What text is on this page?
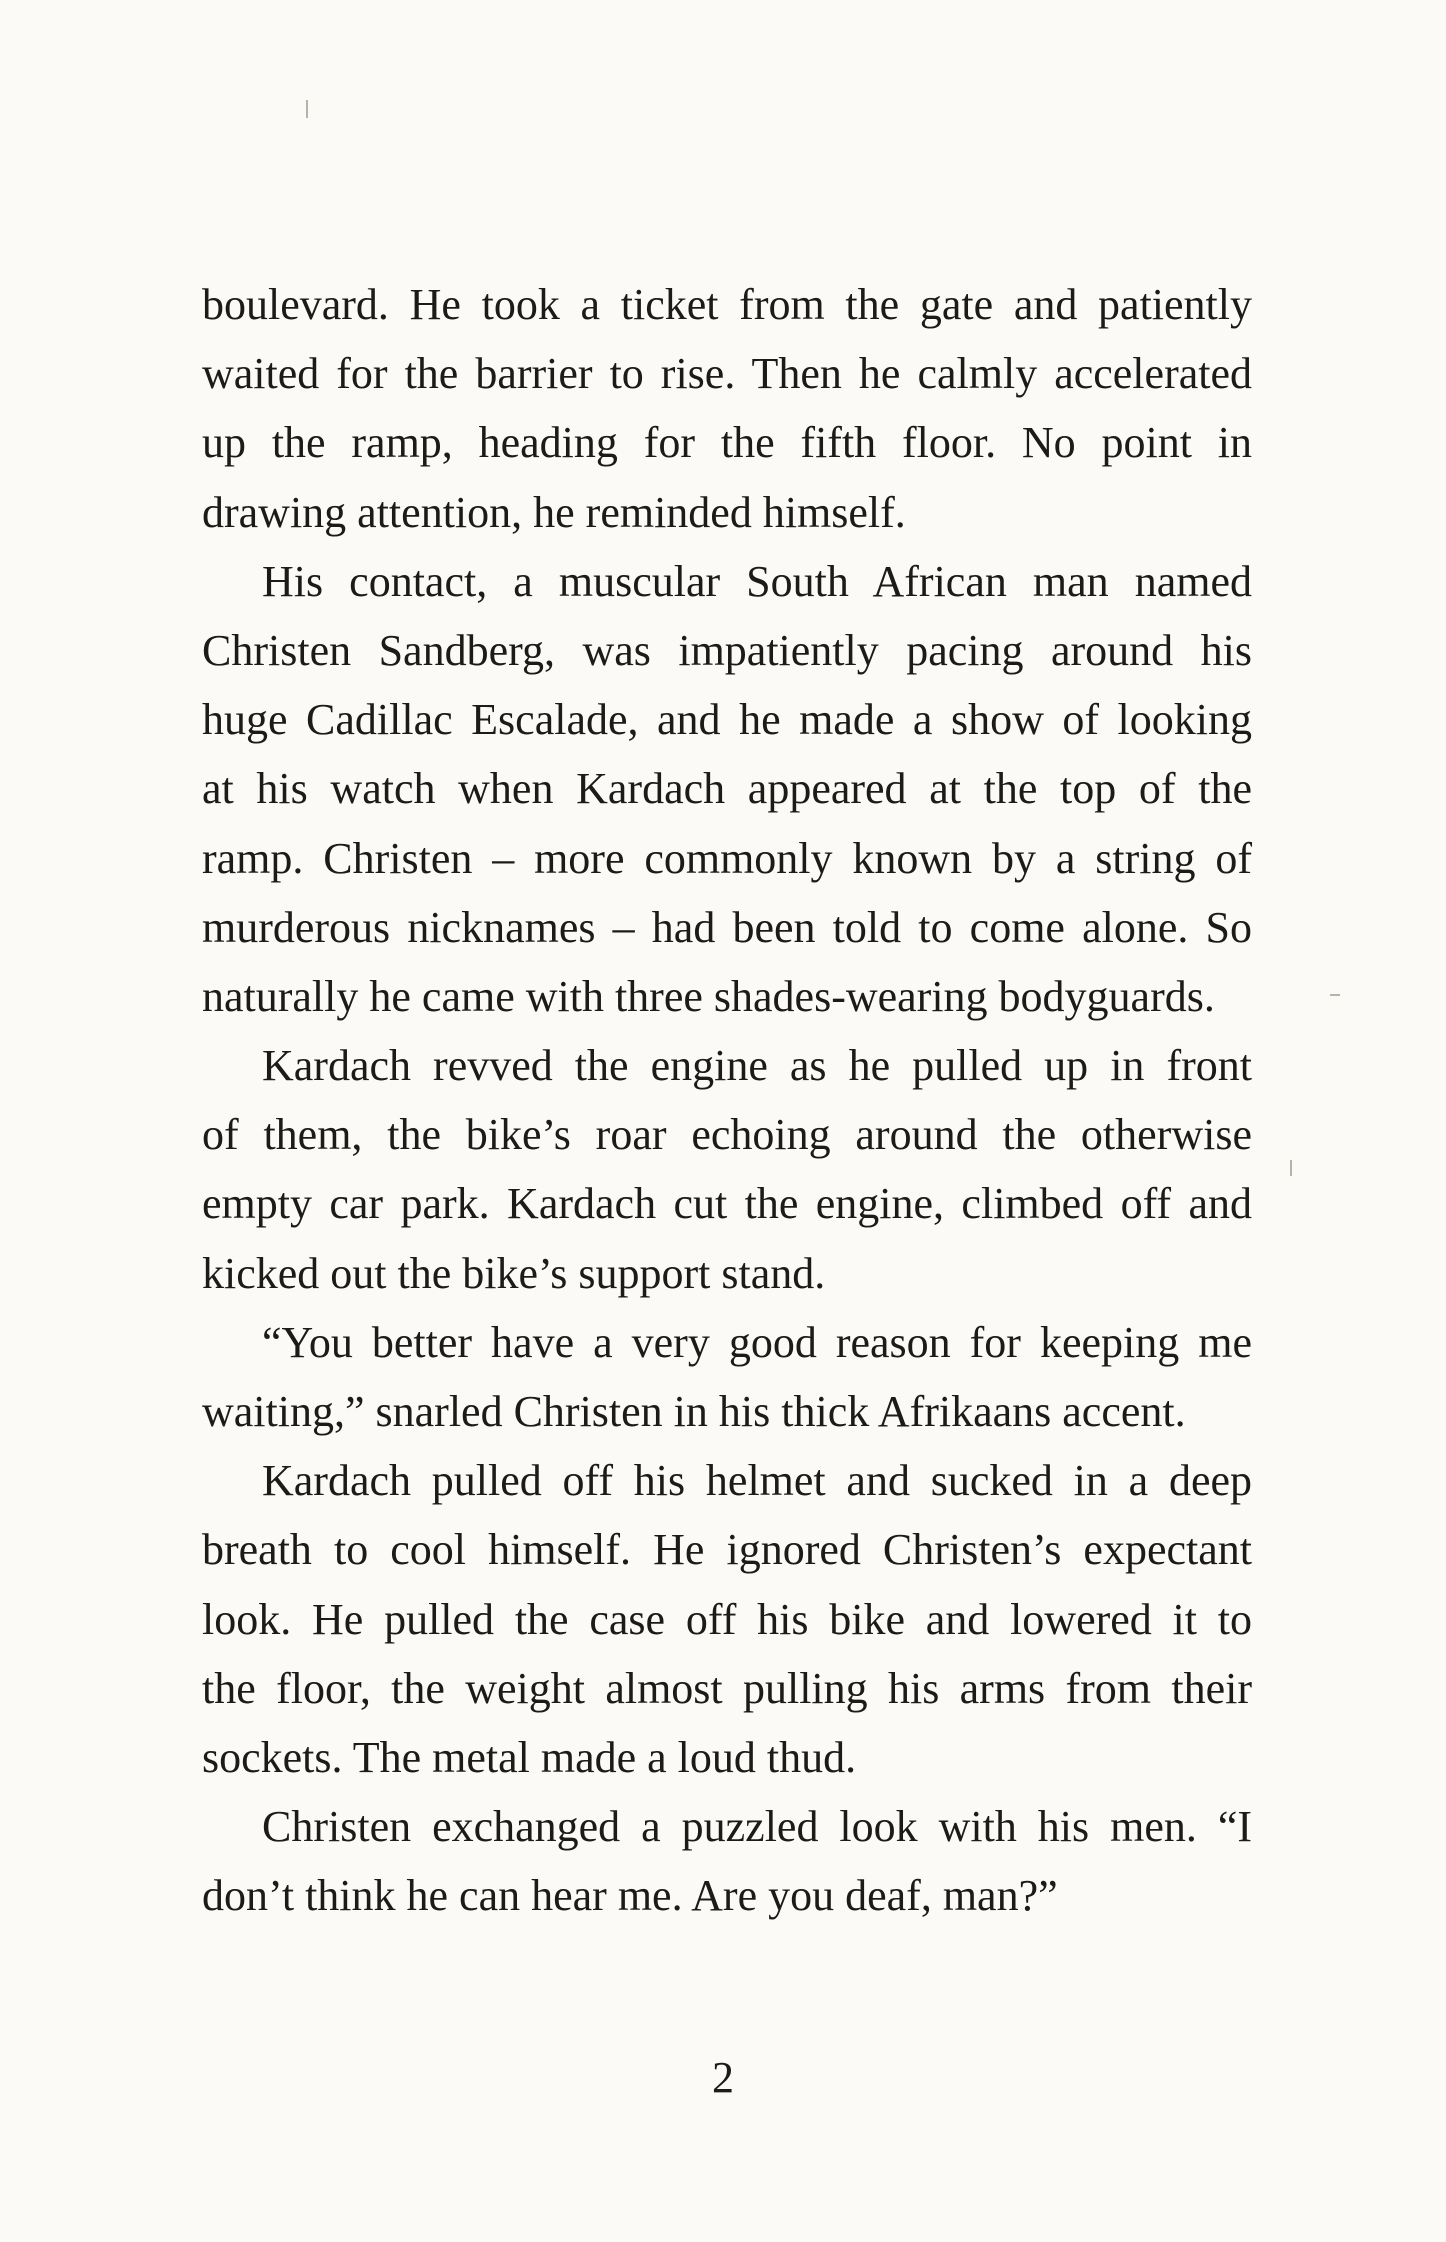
boulevard. He took a ticket from the gate and patiently
waited for the barrier to rise. Then he calmly accelerated
up the ramp, heading for the fifth floor. No point in
drawing attention, he reminded himself.
His contact, a muscular South African man named
Christen Sandberg, was impatiently pacing around his
huge Cadillac Escalade, and he made a show of looking
at his watch when Kardach appeared at the top of the
ramp. Christen – more commonly known by a string of
murderous nicknames – had been told to come alone. So
naturally he came with three shades-wearing bodyguards.
Kardach revved the engine as he pulled up in front
of them, the bike’s roar echoing around the otherwise
empty car park. Kardach cut the engine, climbed off and
kicked out the bike’s support stand.
“You better have a very good reason for keeping me
waiting,” snarled Christen in his thick Afrikaans accent.
Kardach pulled off his helmet and sucked in a deep
breath to cool himself. He ignored Christen’s expectant
look. He pulled the case off his bike and lowered it to
the floor, the weight almost pulling his arms from their
sockets. The metal made a loud thud.
Christen exchanged a puzzled look with his men. “I
don’t think he can hear me. Are you deaf, man?”
2
